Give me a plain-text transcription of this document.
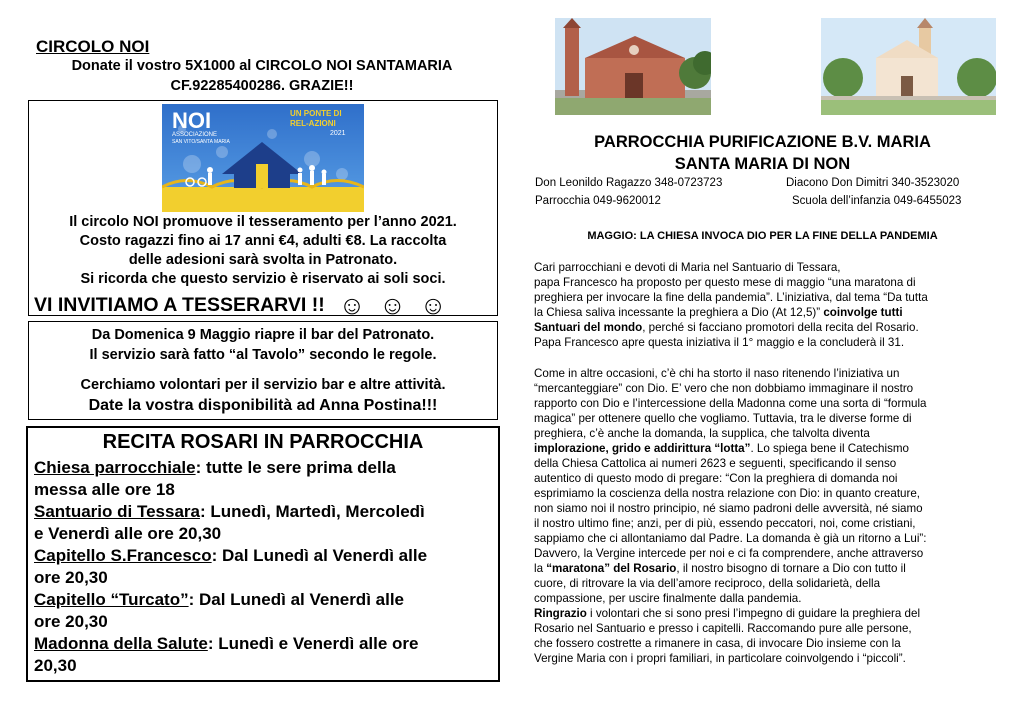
CIRCOLO NOI
Donate il vostro 5X1000 al CIRCOLO NOI SANTAMARIA
CF.92285400286. GRAZIE!!
NOI
ASSOCIAZIONE
SAN VITO/SANTA MARIA
UN PONTE DI
REL-AZIONI
2021
Il circolo NOI promuove il tesseramento per l’anno 2021.
Costo ragazzi fino ai 17 anni €4, adulti €8. La raccolta
delle adesioni sarà svolta in Patronato.
Si ricorda che questo servizio è riservato ai soli soci.
VI INVITIAMO A TESSERARVI !! ☺ ☺ ☺
Da Domenica 9 Maggio riapre il bar del Patronato.
Il servizio sarà fatto “al Tavolo” secondo le regole.
Cerchiamo volontari per il servizio bar e altre attività.
Date la vostra disponibilità ad Anna Postina!!!
RECITA ROSARI IN PARROCCHIA
Chiesa parrocchiale: tutte le sere prima della
messa alle ore 18
Santuario di Tessara: Lunedì, Martedì, Mercoledì
e Venerdì alle ore 20,30
Capitello S.Francesco: Dal Lunedì al Venerdì alle
ore 20,30
Capitello “Turcato”: Dal Lunedì al Venerdì alle
ore 20,30
Madonna della Salute: Lunedì e Venerdì alle ore
20,30
PARROCCHIA PURIFICAZIONE B.V. MARIA
SANTA MARIA DI NON
Don Leonildo Ragazzo 348-0723723	Diacono Don Dimitri 340-3523020
Parrocchia 049-9620012	Scuola dell’infanzia 049-6455023
MAGGIO: LA CHIESA INVOCA DIO PER LA FINE DELLA PANDEMIA
Cari parrocchiani e devoti di Maria nel Santuario di Tessara,
papa Francesco ha proposto per questo mese di maggio “una maratona di
preghiera per invocare la fine della pandemia”. L’iniziativa, dal tema “Da tutta
la Chiesa saliva incessante la preghiera a Dio (At 12,5)” coinvolge tutti
Santuari del mondo, perché si facciano promotori della recita del Rosario.
Papa Francesco apre questa iniziativa il 1° maggio e la concluderà il 31.
Come in altre occasioni, c’è chi ha storto il naso ritenendo l’iniziativa un
“mercanteggiare” con Dio. E’ vero che non dobbiamo immaginare il nostro
rapporto con Dio e l’intercessione della Madonna come una sorta di “formula
magica” per ottenere quello che vogliamo. Tuttavia, tra le diverse forme di
preghiera, c’è anche la domanda, la supplica, che talvolta diventa
implorazione, grido e addirittura “lotta”. Lo spiega bene il Catechismo
della Chiesa Cattolica ai numeri 2623 e seguenti, specificando il senso
autentico di questo modo di pregare: “Con la preghiera di domanda noi
esprimiamo la coscienza della nostra relazione con Dio: in quanto creature,
non siamo noi il nostro principio, né siamo padroni delle avversità, né siamo
il nostro ultimo fine; anzi, per di più, essendo peccatori, noi, come cristiani,
sappiamo che ci allontaniamo dal Padre. La domanda è già un ritorno a Lui”:
Davvero, la Vergine intercede per noi e ci fa comprendere, anche attraverso
la “maratona” del Rosario, il nostro bisogno di tornare a Dio con tutto il
cuore, di ritrovare la via dell’amore reciproco, della solidarietà, della
compassione, per uscire finalmente dalla pandemia.
Ringrazio i volontari che si sono presi l’impegno di guidare la preghiera del
Rosario nel Santuario e presso i capitelli. Raccomando pure alle persone,
che fossero costrette a rimanere in casa, di invocare Dio insieme con la
Vergine Maria con i propri familiari, in particolare coinvolgendo i “piccoli”.
